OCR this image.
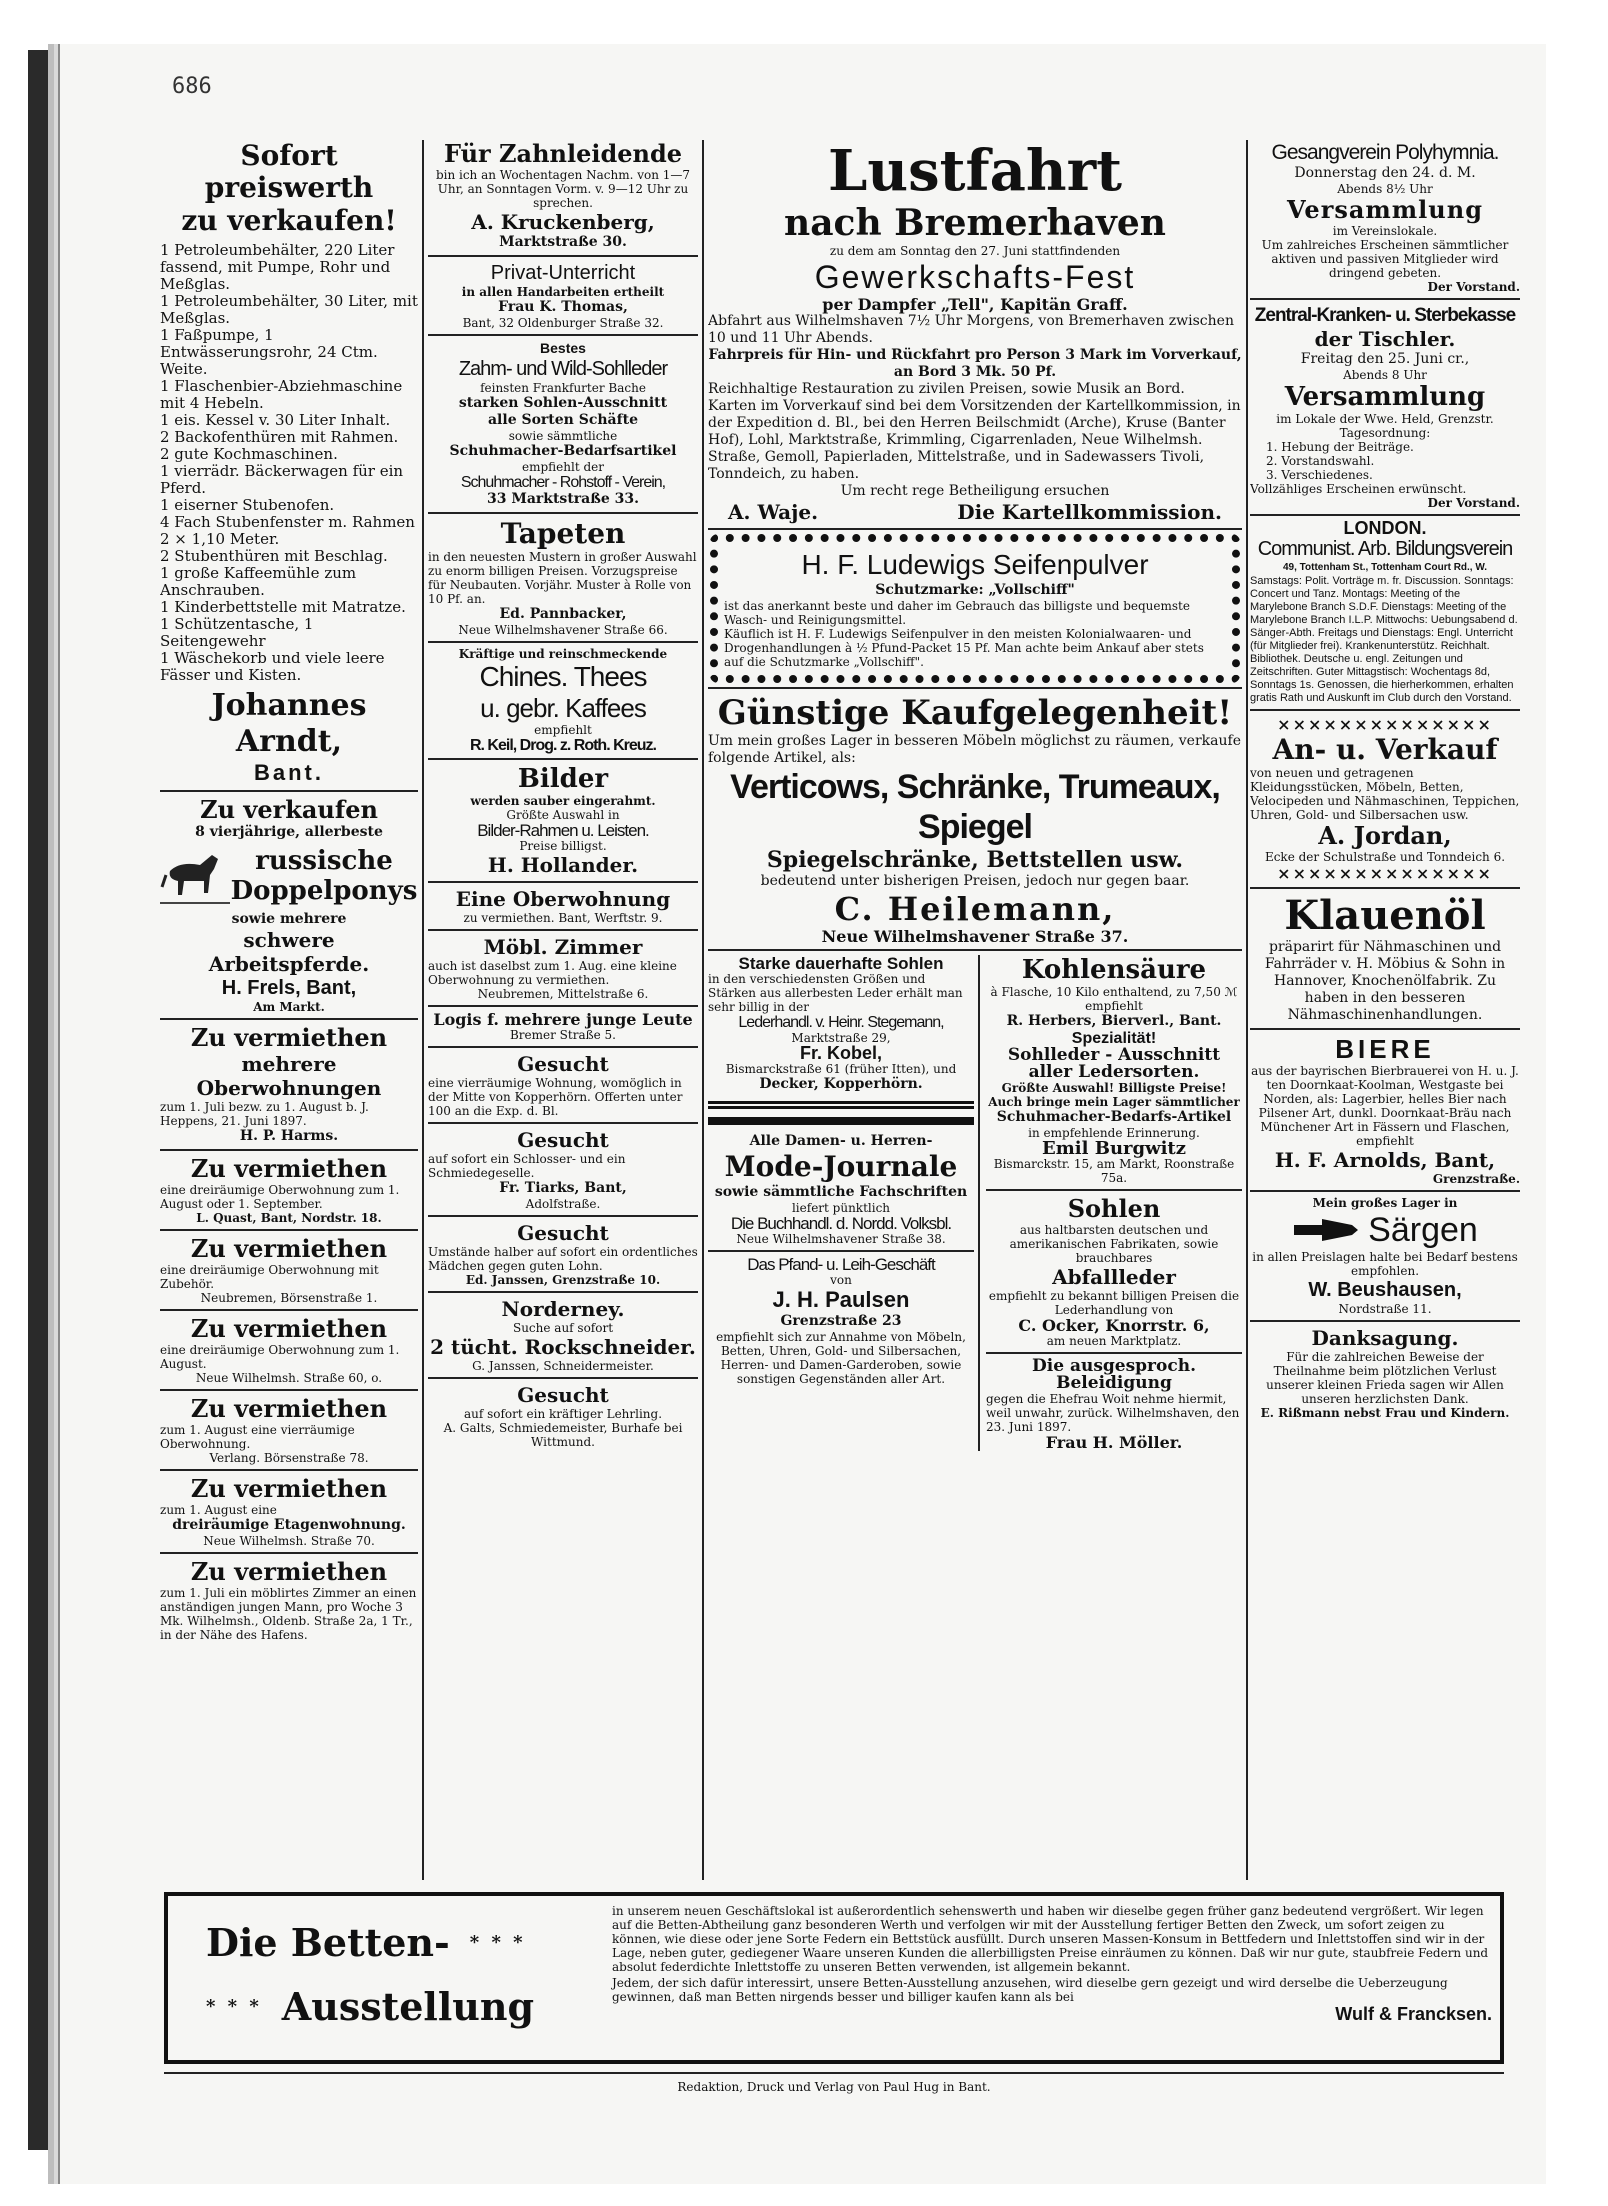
686
Sofort preiswerth
zu verkaufen!
1 Petroleumbehälter, 220 Liter fassend, mit Pumpe, Rohr und Meßglas.
1 Petroleumbehälter, 30 Liter, mit Meßglas.
1 Faßpumpe, 1 Entwässerungsrohr, 24 Ctm. Weite.
1 Flaschenbier-Abziehmaschine mit 4 Hebeln.
1 eis. Kessel v. 30 Liter Inhalt.
2 Backofenthüren mit Rahmen.
2 gute Kochmaschinen.
1 vierrädr. Bäckerwagen für ein Pferd.
1 eiserner Stubenofen.
4 Fach Stubenfenster m. Rahmen 2 × 1,10 Meter.
2 Stubenthüren mit Beschlag.
1 große Kaffeemühle zum Anschrauben.
1 Kinderbettstelle mit Matratze.
1 Schützentasche, 1 Seitengewehr
1 Wäschekorb und viele leere Fässer und Kisten.
Johannes Arndt,
Bant.
Zu verkaufen
8 vierjährige, allerbeste
russische
Doppelponys
sowie mehrere
schwere Arbeitspferde.
H. Frels, Bant,
Am Markt.
Zu vermiethen
mehrere Oberwohnungen
zum 1. Juli bezw. zu 1. August b. J. Heppens, 21. Juni 1897.
H. P. Harms.
Zu vermiethen
eine dreiräumige Oberwohnung zum 1. August oder 1. September.
L. Quast, Bant, Nordstr. 18.
Zu vermiethen
eine dreiräumige Oberwohnung mit Zubehör.
Neubremen, Börsenstraße 1.
Zu vermiethen
eine dreiräumige Oberwohnung zum 1. August.
Neue Wilhelmsh. Straße 60, o.
Zu vermiethen
zum 1. August eine vierräumige Oberwohnung.
Verlang. Börsenstraße 78.
Zu vermiethen
zum 1. August eine
dreiräumige Etagenwohnung.
Neue Wilhelmsh. Straße 70.
Zu vermiethen
zum 1. Juli ein möblirtes Zimmer an einen anständigen jungen Mann, pro Woche 3 Mk. Wilhelmsh., Oldenb. Straße 2a, 1 Tr., in der Nähe des Hafens.
Für Zahnleidende
bin ich an Wochentagen Nachm. von 1—7 Uhr, an Sonntagen Vorm. v. 9—12 Uhr zu sprechen.
A. Kruckenberg,
Marktstraße 30.
Privat-Unterricht
in allen Handarbeiten ertheilt
Frau K. Thomas,
Bant, 32 Oldenburger Straße 32.
Bestes
Zahm- und Wild-Sohlleder
feinsten Frankfurter Bache
starken Sohlen-Ausschnitt
alle Sorten Schäfte
sowie sämmtliche
Schuhmacher-Bedarfsartikel
empfiehlt der
Schuhmacher - Rohstoff - Verein,
33 Marktstraße 33.
Tapeten
in den neuesten Mustern in großer Auswahl zu enorm billigen Preisen. Vorzugspreise für Neubauten. Vorjähr. Muster à Rolle von 10 Pf. an.
Ed. Pannbacker,
Neue Wilhelmshavener Straße 66.
Kräftige und reinschmeckende
Chines. Thees
u. gebr. Kaffees
empfiehlt
R. Keil, Drog. z. Roth. Kreuz.
Bilder
werden sauber eingerahmt.
Größte Auswahl in
Bilder-Rahmen u. Leisten.
Preise billigst.
H. Hollander.
Eine Oberwohnung
zu vermiethen. Bant, Werftstr. 9.
Möbl. Zimmer
auch ist daselbst zum 1. Aug. eine kleine Oberwohnung zu vermiethen.
Neubremen, Mittelstraße 6.
Logis f. mehrere junge Leute
Bremer Straße 5.
Gesucht
eine vierräumige Wohnung, womöglich in der Mitte von Kopperhörn. Offerten unter 100 an die Exp. d. Bl.
Gesucht
auf sofort ein Schlosser- und ein Schmiedegeselle.
Fr. Tiarks, Bant,
Adolfstraße.
Gesucht
Umstände halber auf sofort ein ordentliches Mädchen gegen guten Lohn.
Ed. Janssen, Grenzstraße 10.
Norderney.
Suche auf sofort
2 tücht. Rockschneider.
G. Janssen, Schneidermeister.
Gesucht
auf sofort ein kräftiger Lehrling.
A. Galts, Schmiedemeister, Burhafe bei Wittmund.
Lustfahrt
nach Bremerhaven
zu dem am Sonntag den 27. Juni stattfindenden
Gewerkschafts-Fest
per Dampfer „Tell", Kapitän Graff.
Abfahrt aus Wilhelmshaven 7½ Uhr Morgens, von Bremerhaven zwischen 10 und 11 Uhr Abends.
Fahrpreis für Hin- und Rückfahrt pro Person 3 Mark im Vorverkauf, an Bord 3 Mk. 50 Pf.
Reichhaltige Restauration zu zivilen Preisen, sowie Musik an Bord.
Karten im Vorverkauf sind bei dem Vorsitzenden der Kartellkommission, in der Expedition d. Bl., bei den Herren Beilschmidt (Arche), Kruse (Banter Hof), Lohl, Marktstraße, Krimmling, Cigarrenladen, Neue Wilhelmsh. Straße, Gemoll, Papierladen, Mittelstraße, und in Sadewassers Tivoli, Tonndeich, zu haben.
Um recht rege Betheiligung ersuchen
A. Waje.	Die Kartellkommission.
H. F. Ludewigs Seifenpulver
Schutzmarke: „Vollschiff"
ist das anerkannt beste und daher im Gebrauch das billigste und bequemste Wasch- und Reinigungsmittel.
Käuflich ist H. F. Ludewigs Seifenpulver in den meisten Kolonialwaaren- und Drogenhandlungen à ½ Pfund-Packet 15 Pf. Man achte beim Ankauf aber stets auf die Schutzmarke „Vollschiff".
Günstige Kaufgelegenheit!
Um mein großes Lager in besseren Möbeln möglichst zu räumen, verkaufe folgende Artikel, als:
Verticows, Schränke, Trumeaux, Spiegel
Spiegelschränke, Bettstellen usw.
bedeutend unter bisherigen Preisen, jedoch nur gegen baar.
C. Heilemann,
Neue Wilhelmshavener Straße 37.
Starke dauerhafte Sohlen
in den verschiedensten Größen und Stärken aus allerbesten Leder erhält man sehr billig in der
Lederhandl. v. Heinr. Stegemann,
Marktstraße 29,
Fr. Kobel,
Bismarckstraße 61 (früher Itten), und
Decker, Kopperhörn.
Alle Damen- u. Herren-
Mode-Journale
sowie sämmtliche Fachschriften
liefert pünktlich
Die Buchhandl. d. Nordd. Volksbl.
Neue Wilhelmshavener Straße 38.
Das Pfand- u. Leih-Geschäft
von
J. H. Paulsen
Grenzstraße 23
empfiehlt sich zur Annahme von Möbeln, Betten, Uhren, Gold- und Silbersachen, Herren- und Damen-Garderoben, sowie sonstigen Gegenständen aller Art.
Kohlensäure
à Flasche, 10 Kilo enthaltend, zu 7,50 ℳ empfiehlt
R. Herbers, Bierverl., Bant.
Spezialität!
Sohlleder - Ausschnitt
aller Ledersorten.
Größte Auswahl! Billigste Preise!
Auch bringe mein Lager sämmtlicher
Schuhmacher-Bedarfs-Artikel
in empfehlende Erinnerung.
Emil Burgwitz
Bismarckstr. 15, am Markt, Roonstraße 75a.
Sohlen
aus haltbarsten deutschen und amerikanischen Fabrikaten, sowie brauchbares
Abfallleder
empfiehlt zu bekannt billigen Preisen die Lederhandlung von
C. Ocker, Knorrstr. 6,
am neuen Marktplatz.
Die ausgesproch. Beleidigung
gegen die Ehefrau Woit nehme hiermit, weil unwahr, zurück. Wilhelmshaven, den 23. Juni 1897.
Frau H. Möller.
Gesangverein Polyhymnia.
Donnerstag den 24. d. M.
Abends 8½ Uhr
Versammlung
im Vereinslokale.
Um zahlreiches Erscheinen sämmtlicher aktiven und passiven Mitglieder wird dringend gebeten.
Der Vorstand.
Zentral-Kranken- u. Sterbekasse
der Tischler.
Freitag den 25. Juni cr.,
Abends 8 Uhr
Versammlung
im Lokale der Wwe. Held, Grenzstr.
Tagesordnung:
1. Hebung der Beiträge.
2. Vorstandswahl.
3. Verschiedenes.
Vollzähliges Erscheinen erwünscht.
Der Vorstand.
LONDON.
Communist. Arb. Bildungsverein
49, Tottenham St., Tottenham Court Rd., W.
Samstags: Polit. Vorträge m. fr. Discussion. Sonntags: Concert und Tanz. Montags: Meeting of the Marylebone Branch S.D.F. Dienstags: Meeting of the Marylebone Branch I.L.P. Mittwochs: Uebungsabend d. Sänger-Abth. Freitags und Dienstags: Engl. Unterricht (für Mitglieder frei). Krankenunterstütz. Reichhalt. Bibliothek. Deutsche u. engl. Zeitungen und Zeitschriften. Guter Mittagstisch: Wochentags 8d, Sonntags 1s. Genossen, die hierherkommen, erhalten gratis Rath und Auskunft im Club durch den Vorstand.
××××××××××××××
An- u. Verkauf
von neuen und getragenen Kleidungsstücken, Möbeln, Betten, Velocipeden und Nähmaschinen, Teppichen, Uhren, Gold- und Silbersachen usw.
A. Jordan,
Ecke der Schulstraße und Tonndeich 6.
××××××××××××××
Klauenöl
präparirt für Nähmaschinen und Fahrräder v. H. Möbius & Sohn in Hannover, Knochenölfabrik. Zu haben in den besseren Nähmaschinenhandlungen.
BIERE
aus der bayrischen Bierbrauerei von H. u. J. ten Doornkaat-Koolman, Westgaste bei Norden, als: Lagerbier, helles Bier nach Pilsener Art, dunkl. Doornkaat-Bräu nach Münchener Art in Fässern und Flaschen, empfiehlt
H. F. Arnolds, Bant,
Grenzstraße.
Mein großes Lager in
Särgen
in allen Preislagen halte bei Bedarf bestens empfohlen.
W. Beushausen,
Nordstraße 11.
Danksagung.
Für die zahlreichen Beweise der Theilnahme beim plötzlichen Verlust unserer kleinen Frieda sagen wir Allen unseren herzlichsten Dank.
E. Rißmann nebst Frau und Kindern.
Die Betten- * * *
* * * Ausstellung
in unserem neuen Geschäftslokal ist außerordentlich sehenswerth und haben wir dieselbe gegen früher ganz bedeutend vergrößert. Wir legen auf die Betten-Abtheilung ganz besonderen Werth und verfolgen wir mit der Ausstellung fertiger Betten den Zweck, um sofort zeigen zu können, wie diese oder jene Sorte Federn ein Bettstück ausfüllt. Durch unseren Massen-Konsum in Bettfedern und Inlettstoffen sind wir in der Lage, neben guter, gediegener Waare unseren Kunden die allerbilligsten Preise einräumen zu können. Daß wir nur gute, staubfreie Federn und absolut federdichte Inlettstoffe zu unseren Betten verwenden, ist allgemein bekannt.
Jedem, der sich dafür interessirt, unsere Betten-Ausstellung anzusehen, wird dieselbe gern gezeigt und wird derselbe die Ueberzeugung gewinnen, daß man Betten nirgends besser und billiger kaufen kann als bei
Wulf & Francksen.
Redaktion, Druck und Verlag von Paul Hug in Bant.
